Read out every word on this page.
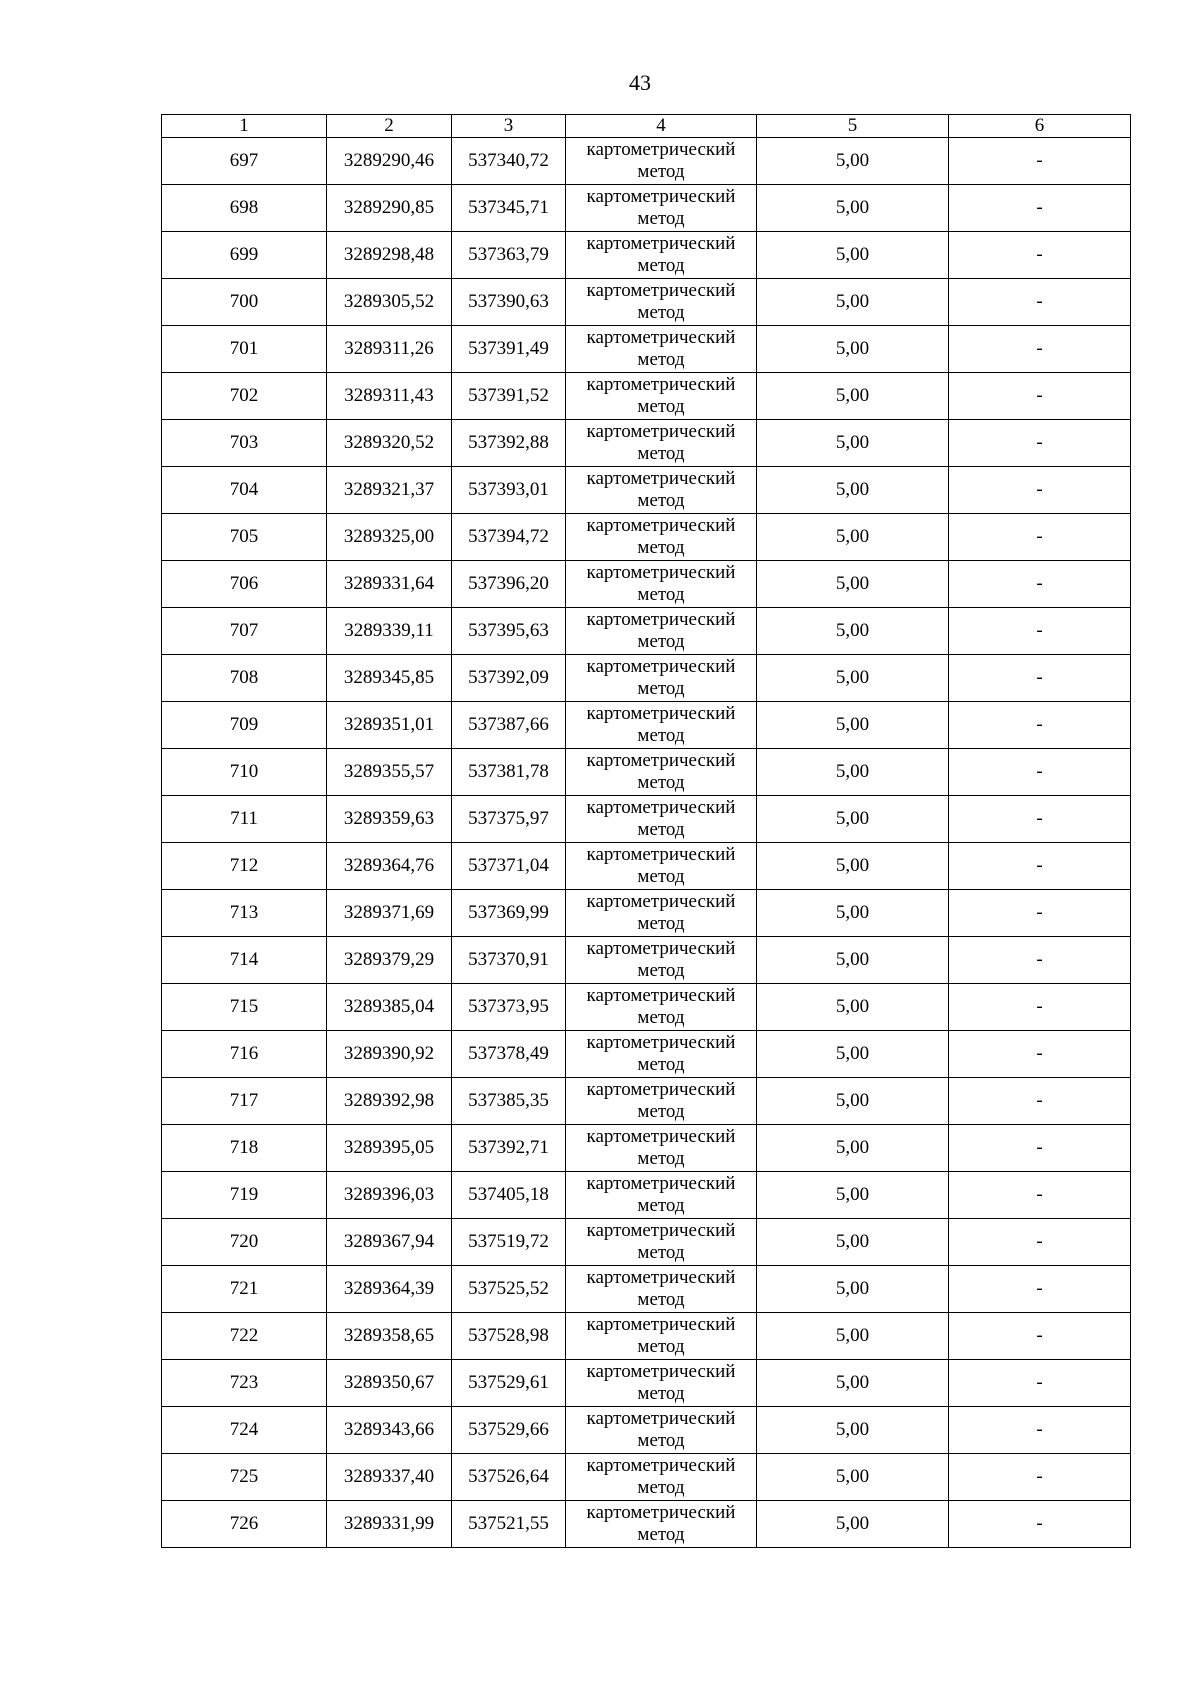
43
1	2	3	4	5	6
697	3289290,46	537340,72	картометрический метод	5,00	-
698	3289290,85	537345,71	картометрический метод	5,00	-
699	3289298,48	537363,79	картометрический метод	5,00	-
700	3289305,52	537390,63	картометрический метод	5,00	-
701	3289311,26	537391,49	картометрический метод	5,00	-
702	3289311,43	537391,52	картометрический метод	5,00	-
703	3289320,52	537392,88	картометрический метод	5,00	-
704	3289321,37	537393,01	картометрический метод	5,00	-
705	3289325,00	537394,72	картометрический метод	5,00	-
706	3289331,64	537396,20	картометрический метод	5,00	-
707	3289339,11	537395,63	картометрический метод	5,00	-
708	3289345,85	537392,09	картометрический метод	5,00	-
709	3289351,01	537387,66	картометрический метод	5,00	-
710	3289355,57	537381,78	картометрический метод	5,00	-
711	3289359,63	537375,97	картометрический метод	5,00	-
712	3289364,76	537371,04	картометрический метод	5,00	-
713	3289371,69	537369,99	картометрический метод	5,00	-
714	3289379,29	537370,91	картометрический метод	5,00	-
715	3289385,04	537373,95	картометрический метод	5,00	-
716	3289390,92	537378,49	картометрический метод	5,00	-
717	3289392,98	537385,35	картометрический метод	5,00	-
718	3289395,05	537392,71	картометрический метод	5,00	-
719	3289396,03	537405,18	картометрический метод	5,00	-
720	3289367,94	537519,72	картометрический метод	5,00	-
721	3289364,39	537525,52	картометрический метод	5,00	-
722	3289358,65	537528,98	картометрический метод	5,00	-
723	3289350,67	537529,61	картометрический метод	5,00	-
724	3289343,66	537529,66	картометрический метод	5,00	-
725	3289337,40	537526,64	картометрический метод	5,00	-
726	3289331,99	537521,55	картометрический метод	5,00	-
